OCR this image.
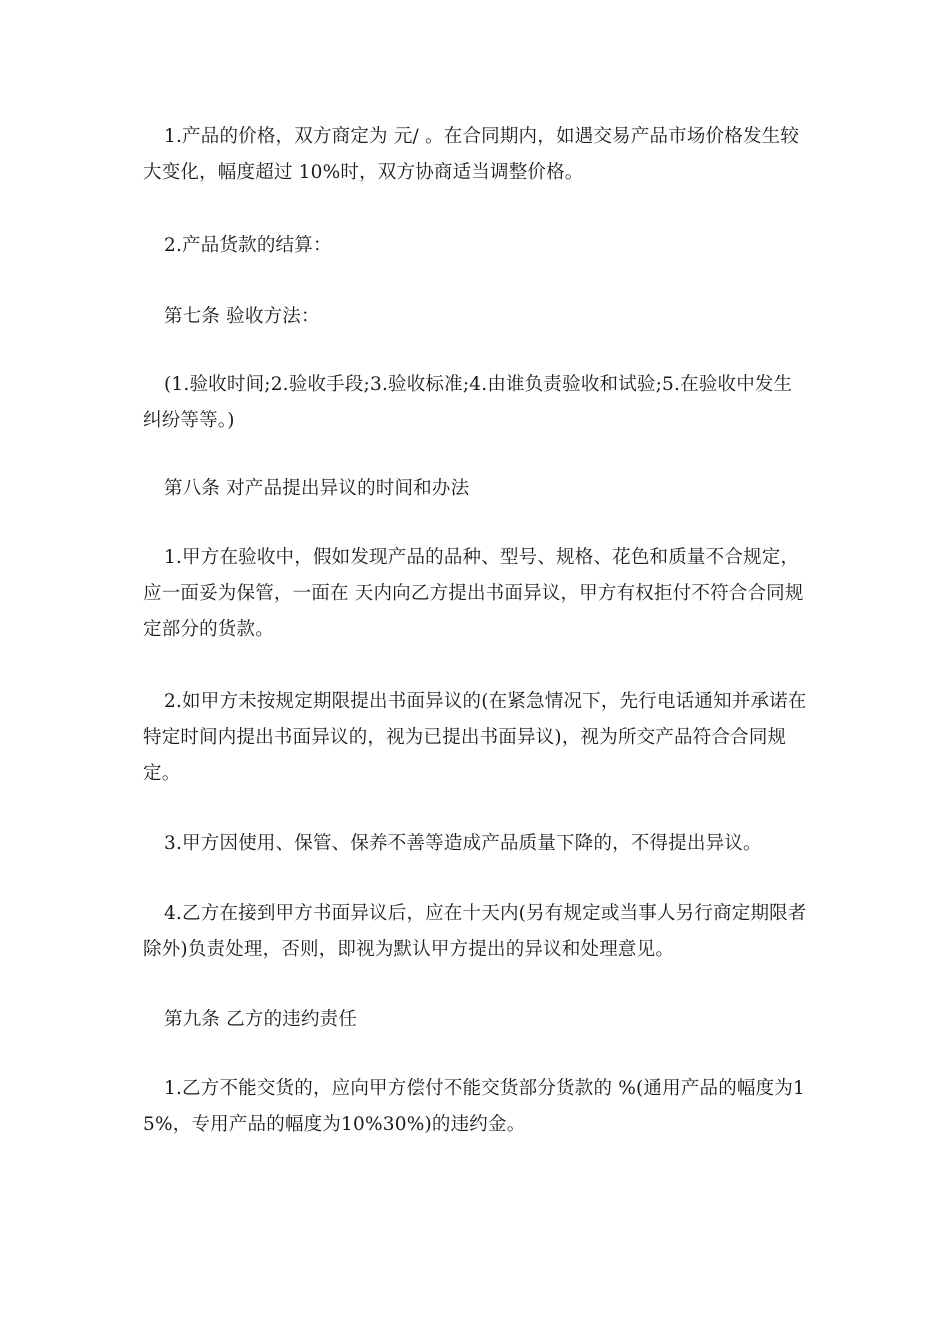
1.产品的价格，双方商定为 元/ 。在合同期内，如遇交易产品市场价格发生较大变化，幅度超过 10%时，双方协商适当调整价格。

2.产品货款的结算：

第七条 验收方法：

(1.验收时间;2.验收手段;3.验收标准;4.由谁负责验收和试验;5.在验收中发生纠纷等等。)

第八条 对产品提出异议的时间和办法

1.甲方在验收中，假如发现产品的品种、型号、规格、花色和质量不合规定，应一面妥为保管，一面在 天内向乙方提出书面异议，甲方有权拒付不符合合同规定部分的货款。

2.如甲方未按规定期限提出书面异议的(在紧急情况下，先行电话通知并承诺在特定时间内提出书面异议的，视为已提出书面异议)，视为所交产品符合合同规定。

3.甲方因使用、保管、保养不善等造成产品质量下降的，不得提出异议。

4.乙方在接到甲方书面异议后，应在十天内(另有规定或当事人另行商定期限者除外)负责处理，否则，即视为默认甲方提出的异议和处理意见。

第九条 乙方的违约责任

1.乙方不能交货的，应向甲方偿付不能交货部分货款的 %(通用产品的幅度为15%，专用产品的幅度为10%30%)的违约金。
